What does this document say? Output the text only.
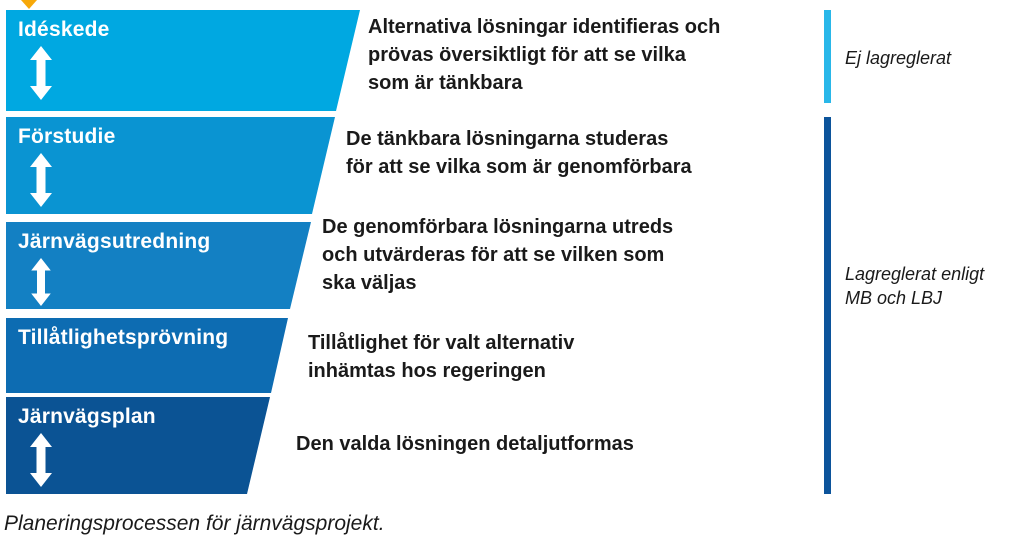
Idéskede
Förstudie
Järnvägsutredning
Tillåtlighetsprövning
Järnvägsplan
Alternativa lösningar identifieras och
prövas översiktligt för att se vilka
som är tänkbara
De tänkbara lösningarna studeras
för att se vilka som är genomförbara
De genomförbara lösningarna utreds
och utvärderas för att se vilken som
ska väljas
Tillåtlighet för valt alternativ
inhämtas hos regeringen
Den valda lösningen detaljutformas
Ej lagreglerat
Lagreglerat enligt
MB och LBJ
Planeringsprocessen för järnvägsprojekt.
